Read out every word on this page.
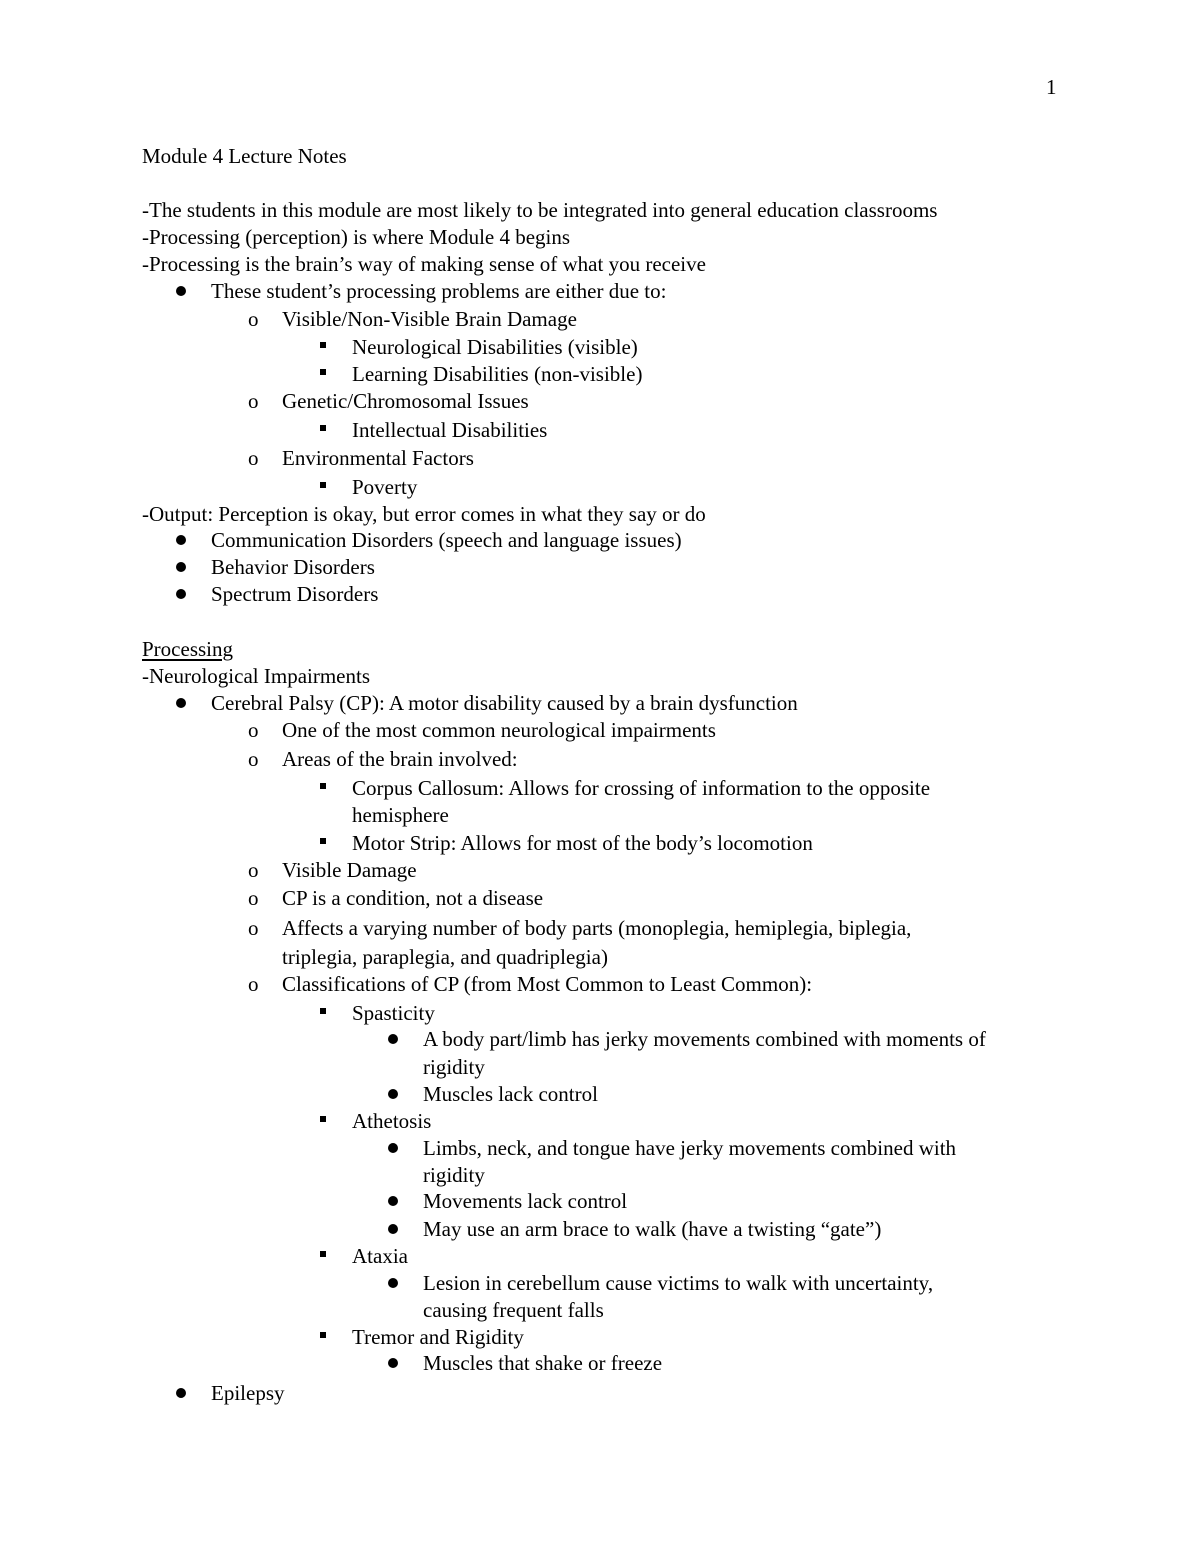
1
Module 4 Lecture Notes
-The students in this module are most likely to be integrated into general education classrooms
-Processing (perception) is where Module 4 begins
-Processing is the brain’s way of making sense of what you receive
These student’s processing problems are either due to:
o Visible/Non-Visible Brain Damage
Neurological Disabilities (visible)
Learning Disabilities (non-visible)
o Genetic/Chromosomal Issues
Intellectual Disabilities
o Environmental Factors
Poverty
-Output: Perception is okay, but error comes in what they say or do
Communication Disorders (speech and language issues)
Behavior Disorders
Spectrum Disorders
Processing
-Neurological Impairments
Cerebral Palsy (CP): A motor disability caused by a brain dysfunction
o One of the most common neurological impairments
o Areas of the brain involved:
Corpus Callosum: Allows for crossing of information to the opposite
hemisphere
Motor Strip: Allows for most of the body’s locomotion
o Visible Damage
o CP is a condition, not a disease
o Affects a varying number of body parts (monoplegia, hemiplegia, biplegia,
triplegia, paraplegia, and quadriplegia)
o Classifications of CP (from Most Common to Least Common):
Spasticity
A body part/limb has jerky movements combined with moments of
rigidity
Muscles lack control
Athetosis
Limbs, neck, and tongue have jerky movements combined with
rigidity
Movements lack control
May use an arm brace to walk (have a twisting “gate”)
Ataxia
Lesion in cerebellum cause victims to walk with uncertainty,
causing frequent falls
Tremor and Rigidity
Muscles that shake or freeze
Epilepsy
